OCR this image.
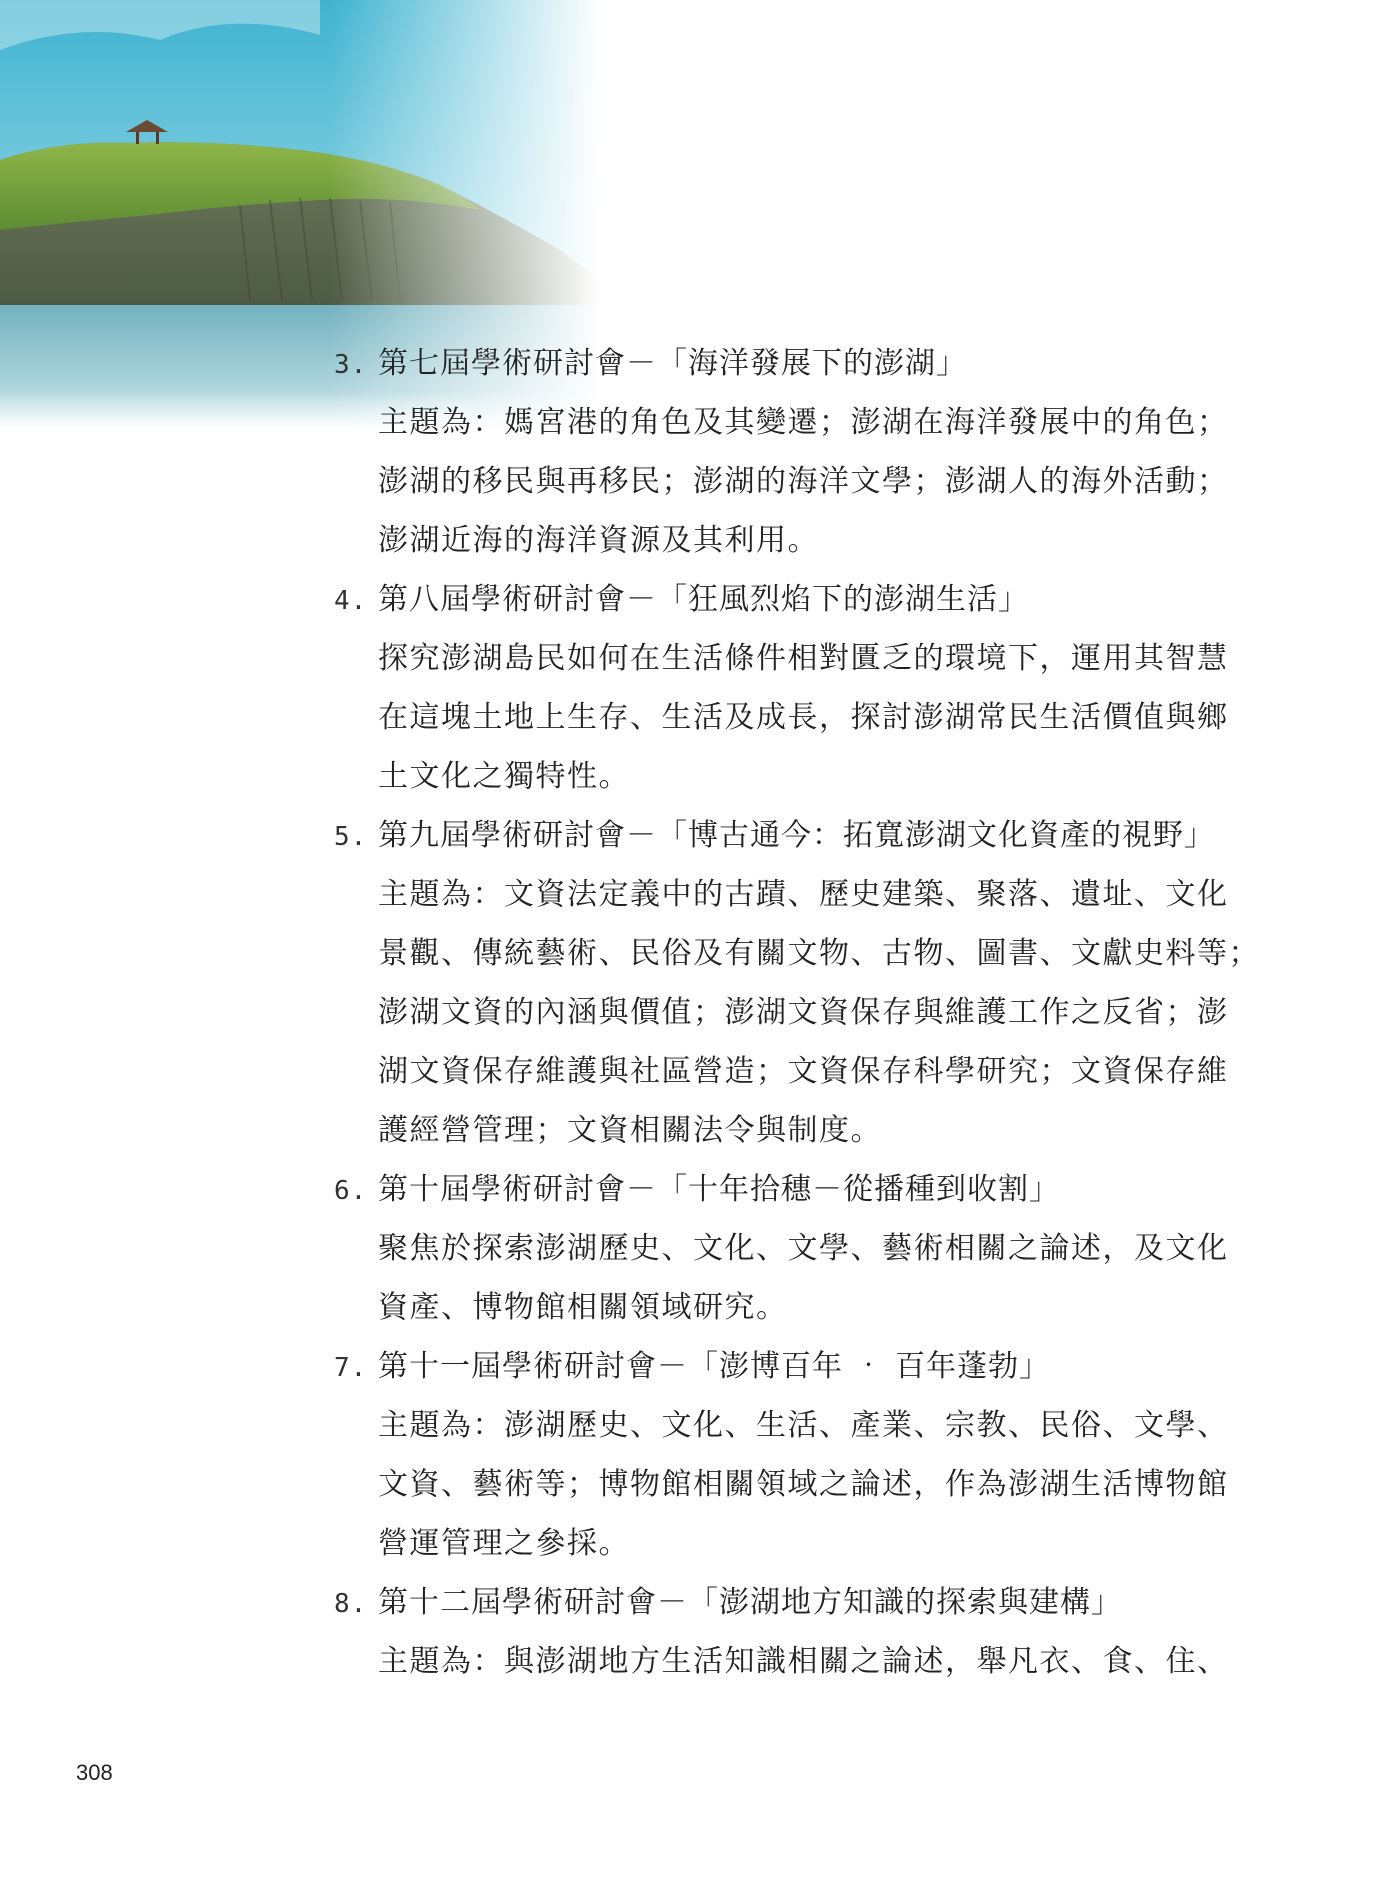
3. 第七屆學術研討會－「海洋發展下的澎湖」
主題為：媽宮港的角色及其變遷；澎湖在海洋發展中的角色；
澎湖的移民與再移民；澎湖的海洋文學；澎湖人的海外活動；
澎湖近海的海洋資源及其利用。
4. 第八屆學術研討會－「狂風烈焰下的澎湖生活」
探究澎湖島民如何在生活條件相對匱乏的環境下，運用其智慧
在這塊土地上生存、生活及成長，探討澎湖常民生活價值與鄉
土文化之獨特性。
5. 第九屆學術研討會－「博古通今：拓寬澎湖文化資產的視野」
主題為：文資法定義中的古蹟、歷史建築、聚落、遺址、文化
景觀、傳統藝術、民俗及有關文物、古物、圖書、文獻史料等；
澎湖文資的內涵與價值；澎湖文資保存與維護工作之反省；澎
湖文資保存維護與社區營造；文資保存科學研究；文資保存維
護經營管理；文資相關法令與制度。
6. 第十屆學術研討會－「十年拾穗－從播種到收割」
聚焦於探索澎湖歷史、文化、文學、藝術相關之論述，及文化
資產、博物館相關領域研究。
7. 第十一屆學術研討會－「澎博百年 ‧ 百年蓬勃」
主題為：澎湖歷史、文化、生活、產業、宗教、民俗、文學、
文資、藝術等；博物館相關領域之論述，作為澎湖生活博物館
營運管理之參採。
8. 第十二屆學術研討會－「澎湖地方知識的探索與建構」
主題為：與澎湖地方生活知識相關之論述，舉凡衣、食、住、
308
